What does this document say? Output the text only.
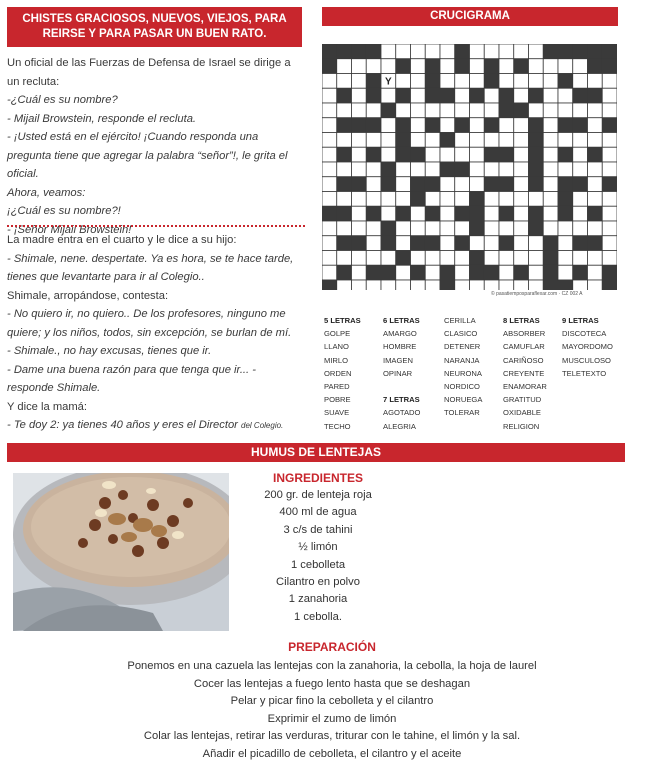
CHISTES GRACIOSOS, NUEVOS, VIEJOS, PARA
REIRSE Y PARA PASAR UN BUEN RATO.

Un oficial de las Fuerzas de Defensa de Israel se dirige a un recluta:

-¿Cuál es su nombre?

- Mijail Browstein, responde el recluta.

- ¡Usted está en el ejército! ¡Cuando responda una pregunta tiene que agregar la palabra “señor”!, le grita el oficial.

Ahora, veamos:

¡¿Cuál es su nombre?!

- ¡Señor Mijail Browstein!

La madre entra en el cuarto y le dice a su hijo:

- Shimale, nene. despertate. Ya es hora, se te hace tarde, tienes que levantarte para ir al Colegio..

Shimale, arropándose, contesta:

- No quiero ir, no quiero.. De los profesores, ninguno me quiere; y los niños, todos, sin excepción, se burlan de mí.

- Shimale., no hay excusas, tienes que ir.

- Dame una buena razón para que tenga que ir... - responde Shimale.

Y dice la mamá:

- Te doy 2: ya tienes 40 años y eres el Director del Colegio.

CRUCIGRAMA
Y
© pasatiemposparaflexar.com · CZ 002 A
5 LETRAS
GOLPE
LLANO
MIRLO
ORDEN
PARED
POBRE
SUAVE
TECHO
6 LETRAS
AMARGO
HOMBRE
IMAGEN
OPINAR

7 LETRAS
AGOTADO
ALEGRIA
CERILLA
CLASICO
DETENER
NARANJA
NEURONA
NORDICO
NORUEGA
TOLERAR
8 LETRAS
ABSORBER
CAMUFLAR
CARIÑOSO
CREYENTE
ENAMORAR
GRATITUD
OXIDABLE
RELIGION
9 LETRAS
DISCOTECA
MAYORDOMO
MUSCULOSO
TELETEXTO
HUMUS DE LENTEJAS
INGREDIENTES
200 gr. de lenteja roja
400 ml de agua
3 c/s de tahini
½ limón
1 cebolleta
Cilantro en polvo
1 zanahoria
1 cebolla.
PREPARACIÓN
Ponemos en una cazuela las lentejas con la zanahoria, la cebolla, la hoja de laurel
Cocer las lentejas a fuego lento hasta que se deshagan
Pelar y picar fino la cebolleta y el cilantro
Exprimir el zumo de limón
Colar las lentejas, retirar las verduras, triturar con le tahine, el limón y la sal.
Añadir el picadillo de cebolleta, el cilantro y el aceite
